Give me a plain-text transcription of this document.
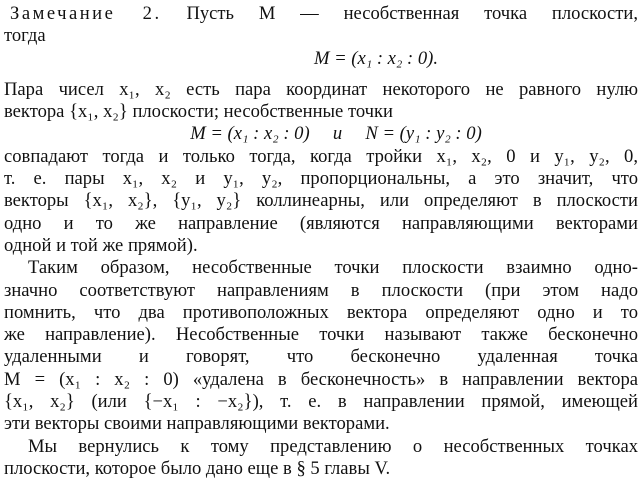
Замечание 2. Пусть M — несобственная точка плоскости,

тогда

M = (x₁ : x₂ : 0).

Пара чисел x₁, x₂ есть пара координат некоторого не равного нулю
вектора {x₁, x₂} плоскости; несобственные точки

M = (x₁ : x₂ : 0)     и     N = (y₁ : y₂ : 0)

совпадают тогда и только тогда, когда тройки x₁, x₂, 0 и y₁, y₂, 0,
т. е. пары x₁, x₂ и y₁, y₂, пропорциональны, а это значит, что
векторы {x₁, x₂}, {y₁, y₂} коллинеарны, или определяют в плоскости
одно и то же направление (являются направляющими векторами
одной и той же прямой).
Таким образом, несобственные точки плоскости взаимно одно-
значно соответствуют направлениям в плоскости (при этом надо
помнить, что два противоположных вектора определяют одно и то
же направление). Несобственные точки называют также бесконечно
удаленными и говорят, что бесконечно удаленная точка
M = (x₁ : x₂ : 0) «удалена в бесконечность» в направлении вектора
{x₁, x₂} (или {−x₁ : −x₂}), т. е. в направлении прямой, имеющей
эти векторы своими направляющими векторами.
Мы вернулись к тому представлению о несобственных точках
плоскости, которое было дано еще в § 5 главы V.
